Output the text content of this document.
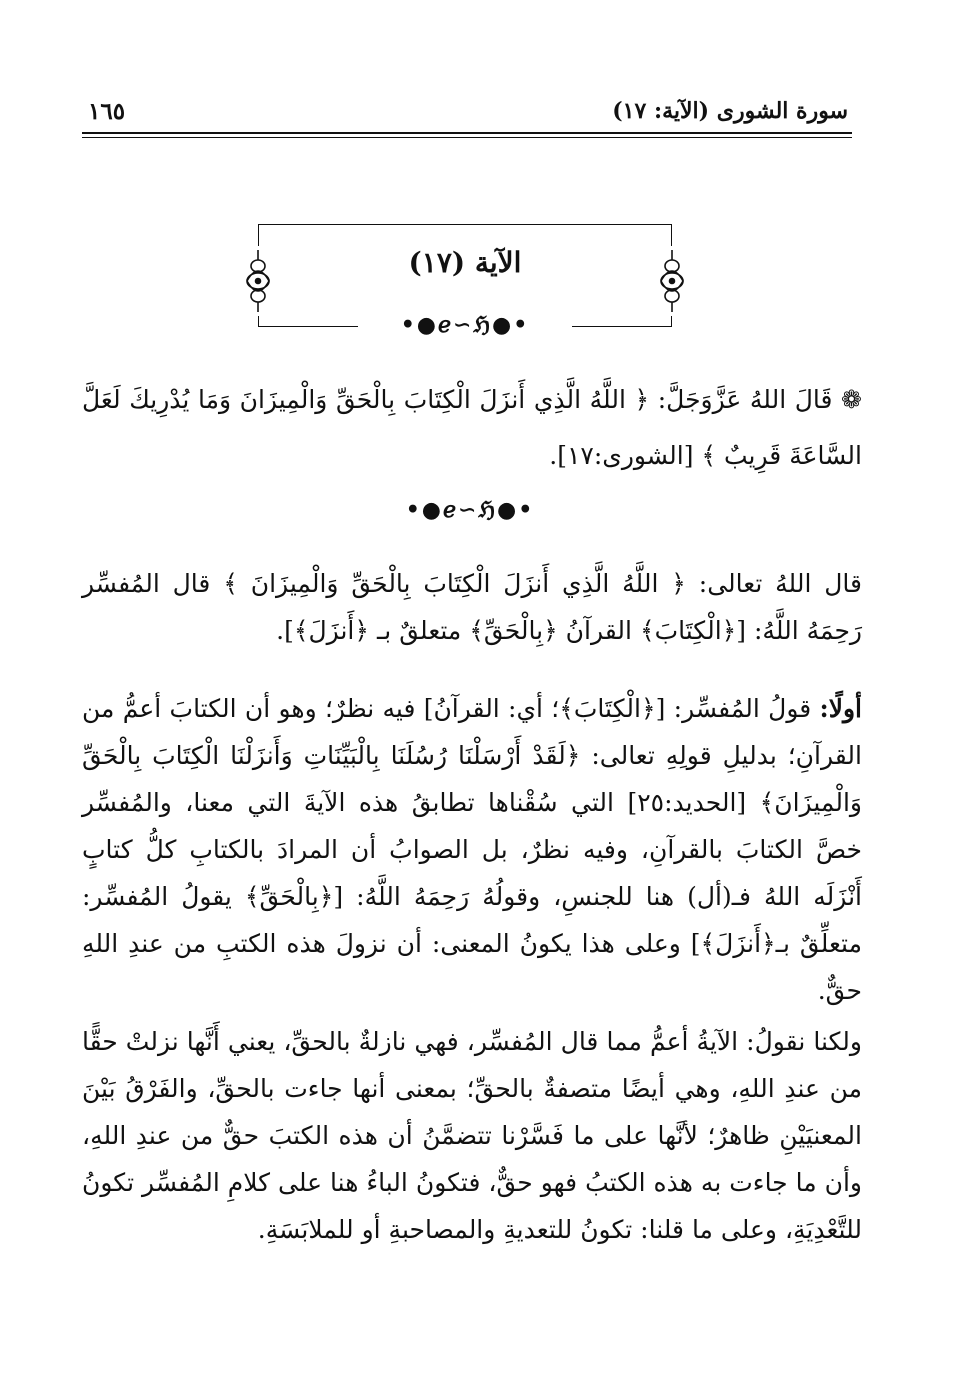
سورة الشورى (الآية: ١٧)
١٦٥
الآية (١٧)
•●ℯ∽ℌ●•
❁ قَالَ اللهُ عَزَّوَجَلَّ: ﴿ اللَّهُ الَّذِي أَنزَلَ الْكِتَابَ بِالْحَقِّ وَالْمِيزَانَ وَمَا يُدْرِيكَ لَعَلَّ السَّاعَةَ قَرِيبٌ ﴾ [الشورى:١٧].
•●ℯ∽ℌ●•
قال اللهُ تعالى: ﴿ اللَّهُ الَّذِي أَنزَلَ الْكِتَابَ بِالْحَقِّ وَالْمِيزَانَ ﴾ قال المُفسِّر رَحِمَهُ اللَّهُ: [﴿الْكِتَابَ﴾ القرآنُ ﴿بِالْحَقِّ﴾ متعلقٌ بـ ﴿أَنزَلَ﴾].
أولًا: قولُ المُفسِّر: [﴿الْكِتَابَ﴾؛ أي: القرآنُ] فيه نظرٌ؛ وهو أن الكتابَ أعمُّ من القرآنِ؛ بدليلِ قولِهِ تعالى: ﴿لَقَدْ أَرْسَلْنَا رُسُلَنَا بِالْبَيِّنَاتِ وَأَنزَلْنَا الْكِتَابَ بِالْحَقِّ وَالْمِيزَانَ﴾ [الحديد:٢٥] التي سُقْناها تطابقُ هذه الآيةَ التي معنا، والمُفسِّر خصَّ الكتابَ بالقرآنِ، وفيه نظرٌ، بل الصوابُ أن المرادَ بالكتابِ كلُّ كتابٍ أَنْزَلَه اللهُ فـ(أل) هنا للجنسِ، وقولُهُ رَحِمَهُ اللَّهُ: [﴿بِالْحَقِّ﴾ يقولُ المُفسِّر: متعلِّقٌ بـ﴿أَنزَلَ﴾] وعلى هذا يكونُ المعنى: أن نزولَ هذه الكتبِ من عندِ اللهِ حقٌّ.
ولكنا نقولُ: الآيةُ أعمُّ مما قال المُفسِّر، فهي نازلةٌ بالحقِّ، يعني أَنَّها نزلتْ حقًّا من عندِ اللهِ، وهي أيضًا متصفةٌ بالحقِّ؛ بمعنى أنها جاءت بالحقِّ، والفَرْقُ بَيْنَ المعنيَيْنِ ظاهرٌ؛ لأنَّها على ما فَسَّرْنا تتضمَّنُ أن هذه الكتبَ حقٌّ من عندِ اللهِ، وأن ما جاءت به هذه الكتبُ فهو حقٌّ، فتكونُ الباءُ هنا على كلامِ المُفسِّر تكونُ للتَّعْدِيَةِ، وعلى ما قلنا: تكونُ للتعديةِ والمصاحبةِ أو للملابَسَةِ.
